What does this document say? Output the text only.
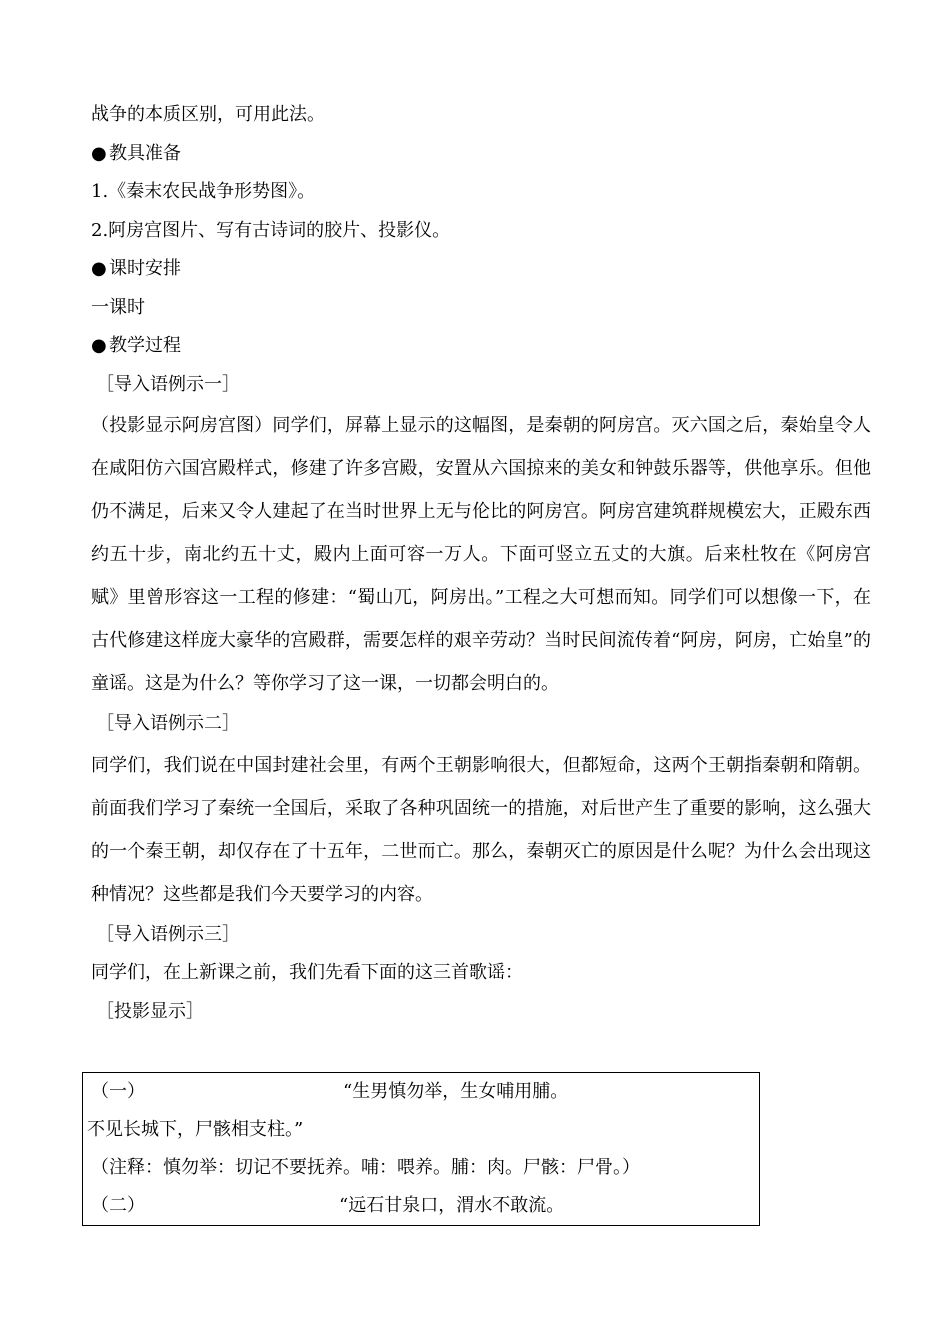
战争的本质区别，可用此法。
● 教具准备
1.《秦末农民战争形势图》。
2.阿房宫图片、写有古诗词的胶片、投影仪。
● 课时安排
一课时
● 教学过程
［导入语例示一］

（投影显示阿房宫图）同学们，屏幕上显示的这幅图，是秦朝的阿房宫。灭六国之后，秦始皇令人在咸阳仿六国宫殿样式，修建了许多宫殿，安置从六国掠来的美女和钟鼓乐器等，供他享乐。但他仍不满足，后来又令人建起了在当时世界上无与伦比的阿房宫。阿房宫建筑群规模宏大，正殿东西约五十步，南北约五十丈，殿内上面可容一万人。下面可竖立五丈的大旗。后来杜牧在《阿房宫赋》里曾形容这一工程的修建：“蜀山兀，阿房出。”工程之大可想而知。同学们可以想像一下，在古代修建这样庞大豪华的宫殿群，需要怎样的艰辛劳动？当时民间流传着“阿房，阿房，亡始皇”的童谣。这是为什么？等你学习了这一课，一切都会明白的。

［导入语例示二］

同学们，我们说在中国封建社会里，有两个王朝影响很大，但都短命，这两个王朝指秦朝和隋朝。前面我们学习了秦统一全国后，采取了各种巩固统一的措施，对后世产生了重要的影响，这么强大的一个秦王朝，却仅存在了十五年，二世而亡。那么，秦朝灭亡的原因是什么呢？为什么会出现这种情况？这些都是我们今天要学习的内容。

［导入语例示三］
同学们，在上新课之前，我们先看下面的这三首歌谣：
［投影显示］
（一）	“生男慎勿举，生女哺用脯。
不见长城下，尸骸相支柱。”
（注释：慎勿举：切记不要抚养。哺：喂养。脯：肉。尸骸：尸骨。）
（二）	“远石甘泉口，渭水不敢流。
